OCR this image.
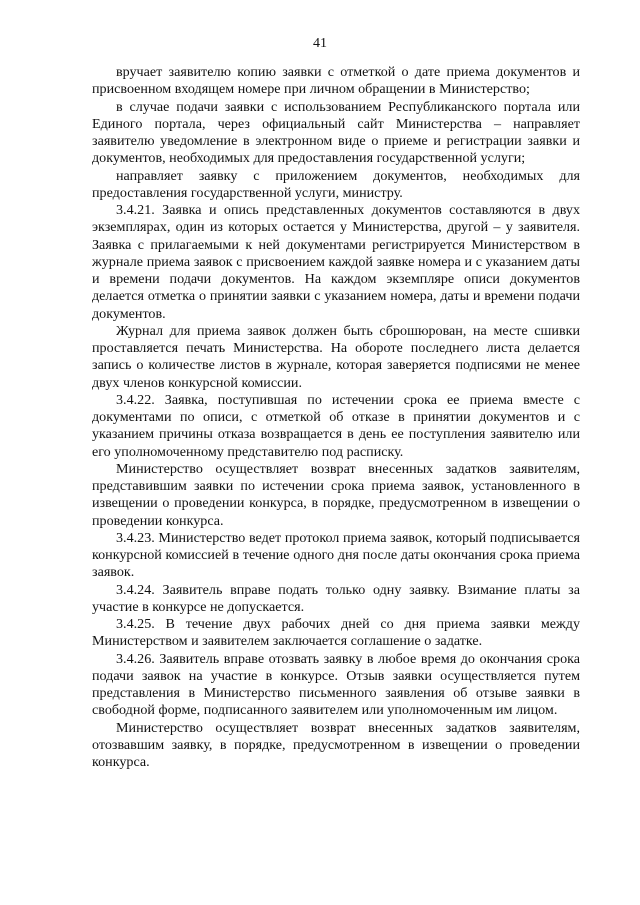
41

вручает заявителю копию заявки с отметкой о дате приема документов и присвоенном входящем номере при личном обращении в Министерство;

в случае подачи заявки с использованием Республиканского портала или Единого портала, через официальный сайт Министерства – направляет заявителю уведомление в электронном виде о приеме и регистрации заявки и документов, необходимых для предоставления государственной услуги;

направляет заявку с приложением документов, необходимых для предоставления государственной услуги, министру.

3.4.21. Заявка и опись представленных документов составляются в двух экземплярах, один из которых остается у Министерства, другой – у заявителя. Заявка с прилагаемыми к ней документами регистрируется Министерством в журнале приема заявок с присвоением каждой заявке номера и с указанием даты и времени подачи документов. На каждом экземпляре описи документов делается отметка о принятии заявки с указанием номера, даты и времени подачи документов.

Журнал для приема заявок должен быть сброшюрован, на месте сшивки проставляется печать Министерства. На обороте последнего листа делается запись о количестве листов в журнале, которая заверяется подписями не менее двух членов конкурсной комиссии.

3.4.22. Заявка, поступившая по истечении срока ее приема вместе с документами по описи, с отметкой об отказе в принятии документов и с указанием причины отказа возвращается в день ее поступления заявителю или его уполномоченному представителю под расписку.

Министерство осуществляет возврат внесенных задатков заявителям, представившим заявки по истечении срока приема заявок, установленного в извещении о проведении конкурса, в порядке, предусмотренном в извещении о проведении конкурса.

3.4.23. Министерство ведет протокол приема заявок, который подписывается конкурсной комиссией в течение одного дня после даты окончания срока приема заявок.

3.4.24. Заявитель вправе подать только одну заявку. Взимание платы за участие в конкурсе не допускается.

3.4.25. В течение двух рабочих дней со дня приема заявки между Министерством и заявителем заключается соглашение о задатке.

3.4.26. Заявитель вправе отозвать заявку в любое время до окончания срока подачи заявок на участие в конкурсе. Отзыв заявки осуществляется путем представления в Министерство письменного заявления об отзыве заявки в свободной форме, подписанного заявителем или уполномоченным им лицом.

Министерство осуществляет возврат внесенных задатков заявителям, отозвавшим заявку, в порядке, предусмотренном в извещении о проведении конкурса.
